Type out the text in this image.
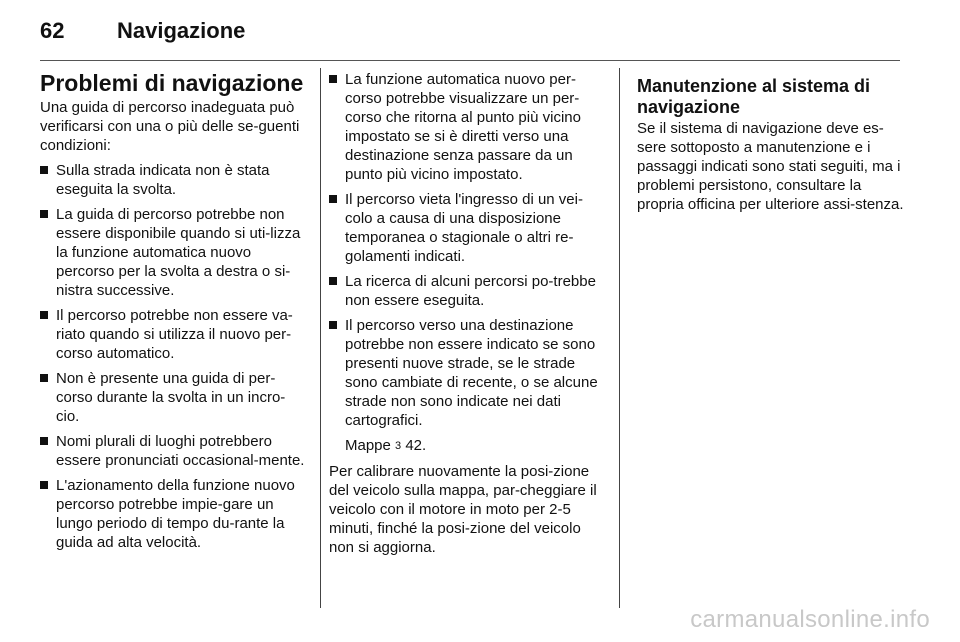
62 Navigazione
Problemi di navigazione
Una guida di percorso inadeguata può verificarsi con una o più delle se-guenti condizioni:
Sulla strada indicata non è stata eseguita la svolta.
La guida di percorso potrebbe non essere disponibile quando si uti-lizza la funzione automatica nuovo percorso per la svolta a destra o si-nistra successive.
Il percorso potrebbe non essere va-riato quando si utilizza il nuovo per-corso automatico.
Non è presente una guida di per-corso durante la svolta in un incro-cio.
Nomi plurali di luoghi potrebbero essere pronunciati occasional-mente.
L'azionamento della funzione nuovo percorso potrebbe impie-gare un lungo periodo di tempo du-rante la guida ad alta velocità.
La funzione automatica nuovo per-corso potrebbe visualizzare un per-corso che ritorna al punto più vicino impostato se si è diretti verso una destinazione senza passare da un punto più vicino impostato.
Il percorso vieta l'ingresso di un vei-colo a causa di una disposizione temporanea o stagionale o altri re-golamenti indicati.
La ricerca di alcuni percorsi po-trebbe non essere eseguita.
Il percorso verso una destinazione potrebbe non essere indicato se sono presenti nuove strade, se le strade sono cambiate di recente, o se alcune strade non sono indicate nei dati cartografici.
Mappe 3 42.
Per calibrare nuovamente la posi-zione del veicolo sulla mappa, par-cheggiare il veicolo con il motore in moto per 2-5 minuti, finché la posi-zione del veicolo non si aggiorna.
Manutenzione al sistema di navigazione
Se il sistema di navigazione deve es-sere sottoposto a manutenzione e i passaggi indicati sono stati seguiti, ma i problemi persistono, consultare la propria officina per ulteriore assi-stenza.
carmanualsonline.info
